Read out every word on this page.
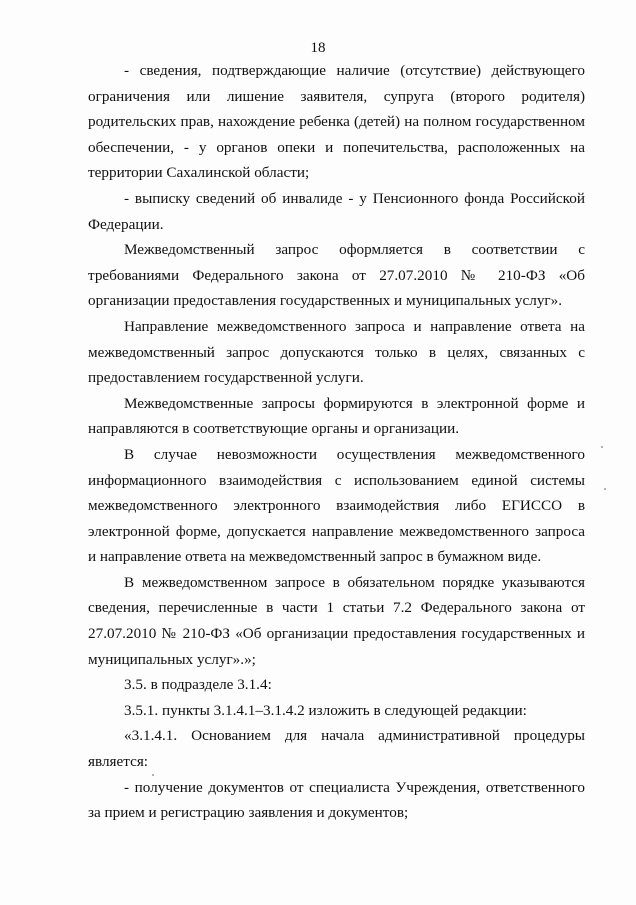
18

- сведения, подтверждающие наличие (отсутствие) действующего ограничения или лишение заявителя, супруга (второго родителя) родительских прав, нахождение ребенка (детей) на полном государственном обеспечении, - у органов опеки и попечительства, расположенных на территории Сахалинской области;

- выписку сведений об инвалиде - у Пенсионного фонда Российской Федерации.

Межведомственный запрос оформляется в соответствии с требованиями Федерального закона от 27.07.2010 № 210-ФЗ «Об организации предоставления государственных и муниципальных услуг».

Направление межведомственного запроса и направление ответа на межведомственный запрос допускаются только в целях, связанных с предоставлением государственной услуги.

Межведомственные запросы формируются в электронной форме и направляются в соответствующие органы и организации.

В случае невозможности осуществления межведомственного информационного взаимодействия с использованием единой системы межведомственного электронного взаимодействия либо ЕГИССО в электронной форме, допускается направление межведомственного запроса и направление ответа на межведомственный запрос в бумажном виде.

В межведомственном запросе в обязательном порядке указываются сведения, перечисленные в части 1 статьи 7.2 Федерального закона от 27.07.2010 № 210-ФЗ «Об организации предоставления государственных и муниципальных услуг».»;

3.5. в подразделе 3.1.4:

3.5.1. пункты 3.1.4.1–3.1.4.2 изложить в следующей редакции:

«3.1.4.1. Основанием для начала административной процедуры является:

- получение документов от специалиста Учреждения, ответственного за прием и регистрацию заявления и документов;
